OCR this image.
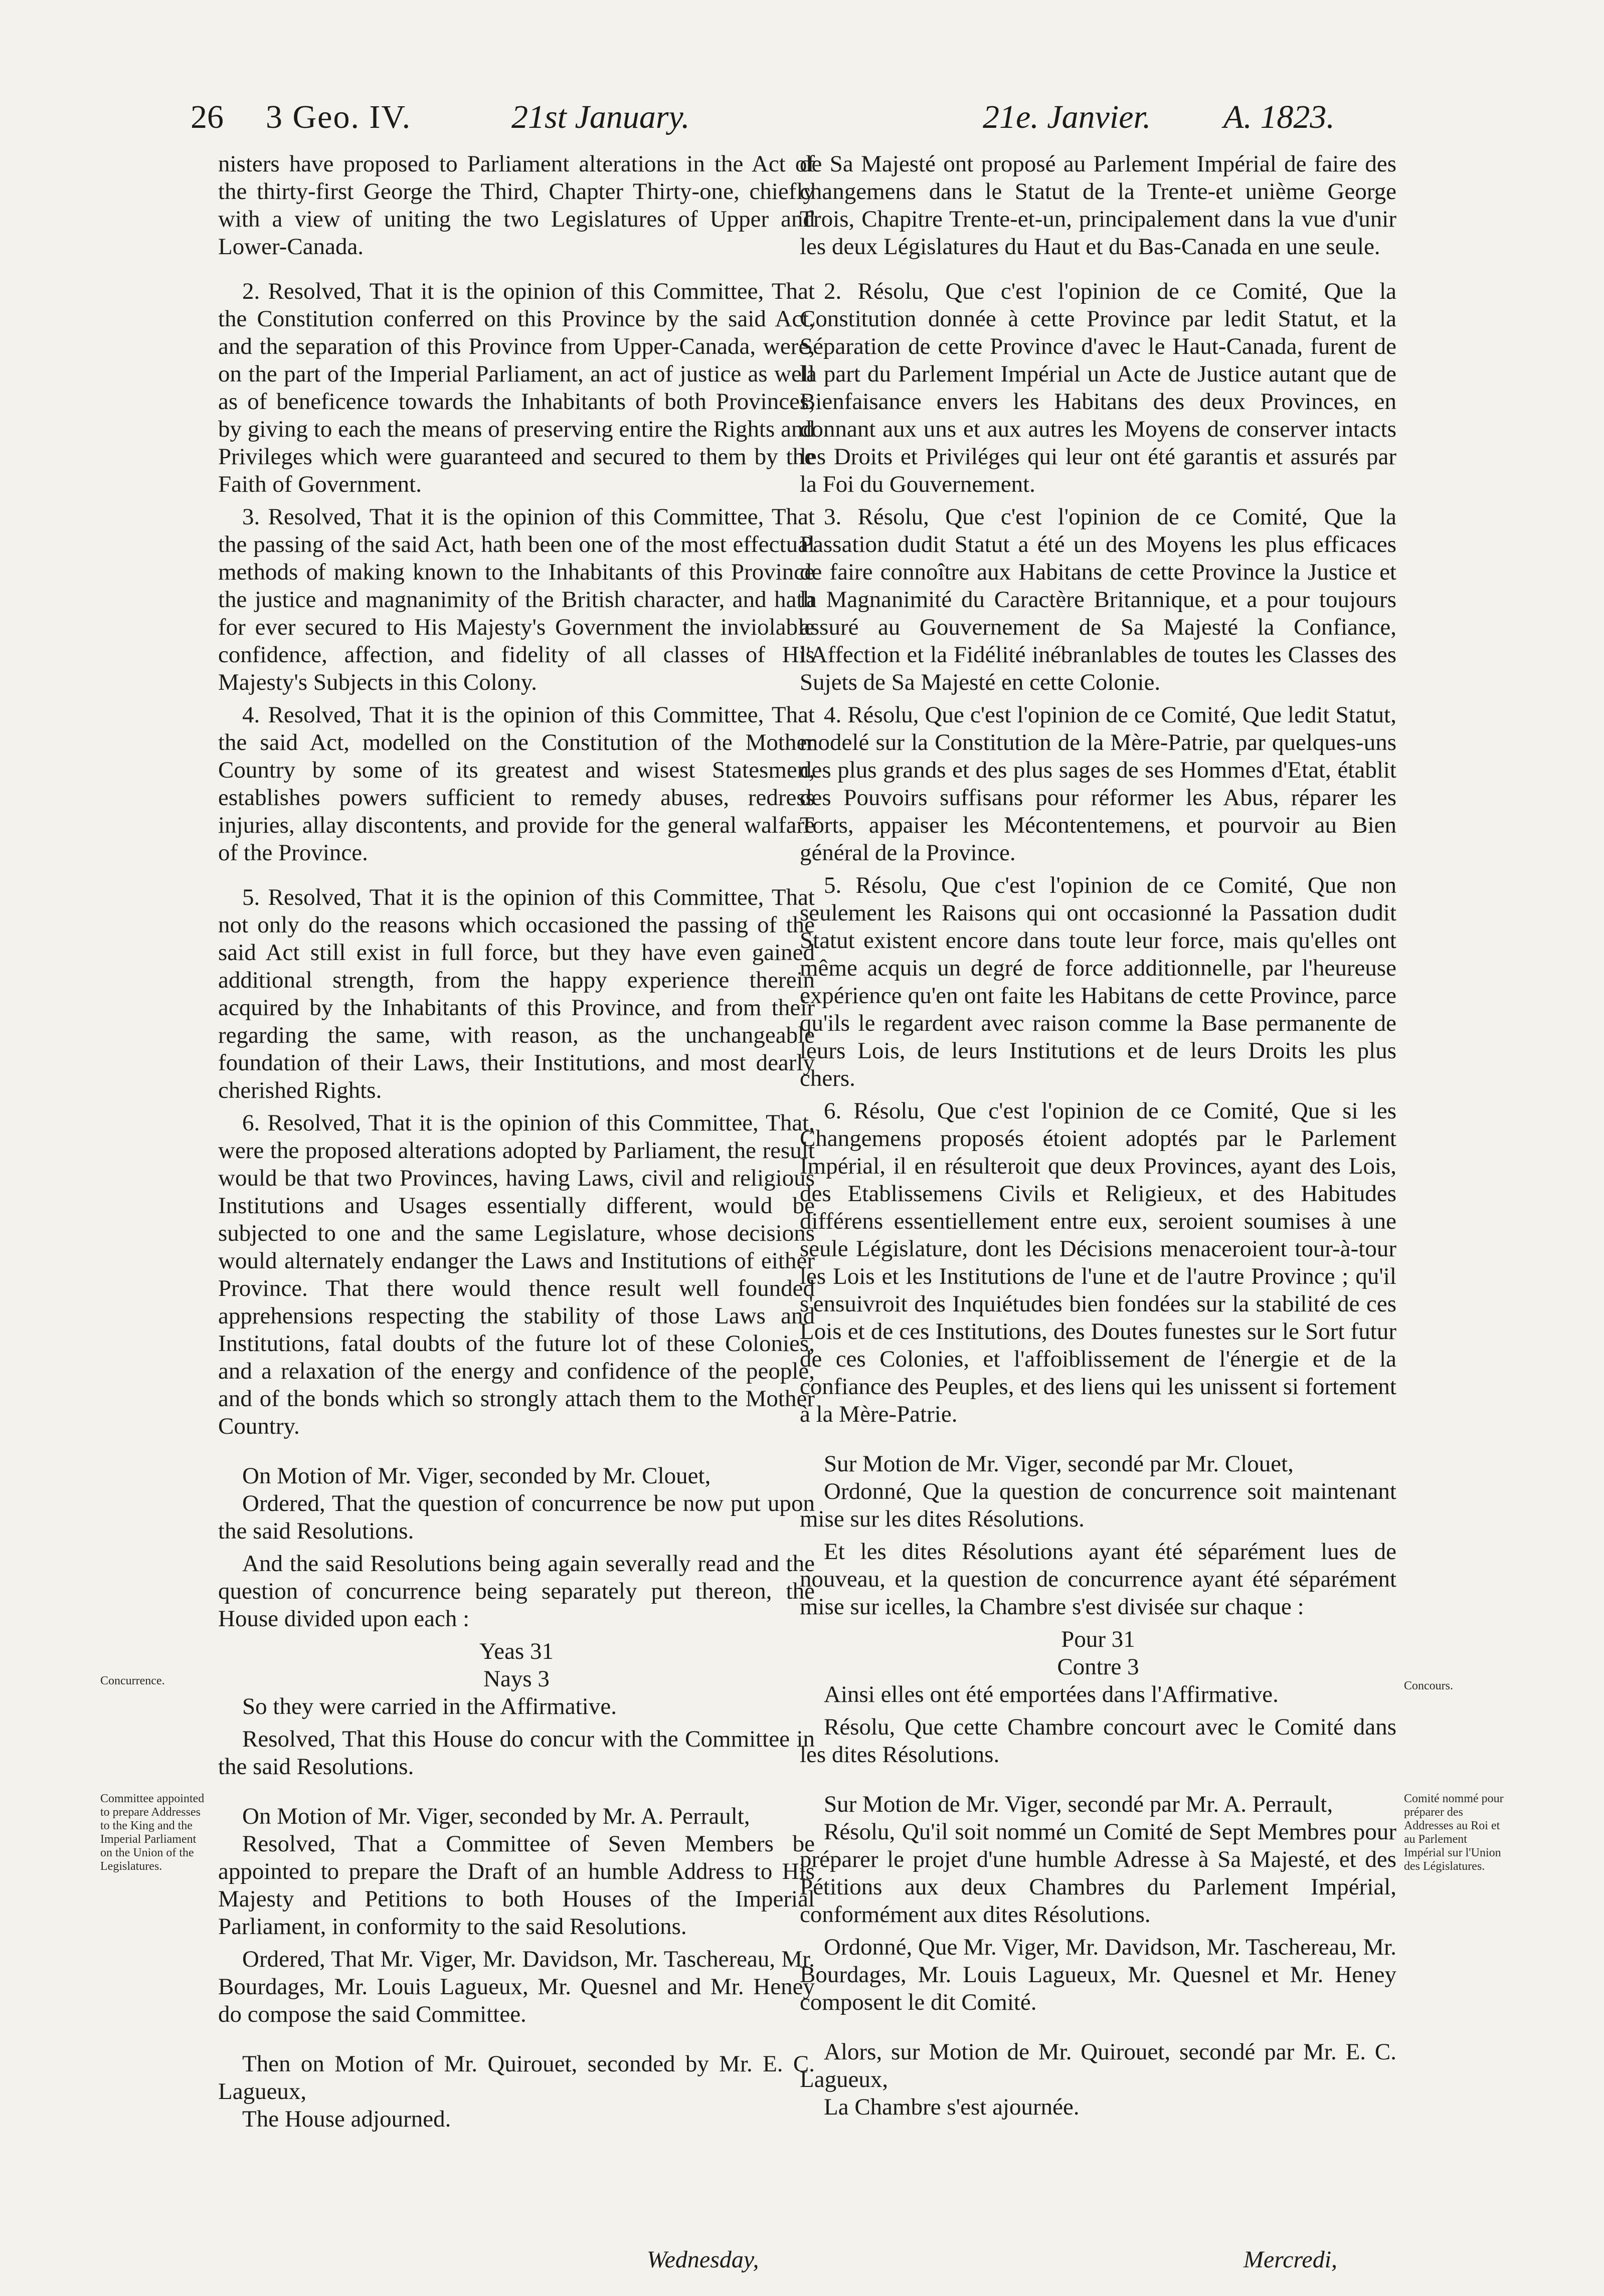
26 3 Geo. IV.	21st January.	21e. Janvier. A. 1823.

nisters have proposed to Parliament alterations in the Act of the thirty-first George the Third, Chapter Thirty-one, chiefly with a view of uniting the two Legislatures of Upper and Lower-Canada.

2. Resolved, That it is the opinion of this Committee, That the Constitution conferred on this Province by the said Act, and the separation of this Province from Upper-Canada, were, on the part of the Imperial Parliament, an act of justice as well as of beneficence towards the Inhabitants of both Provinces, by giving to each the means of preserving entire the Rights and Privileges which were guaranteed and secured to them by the Faith of Government.

3. Resolved, That it is the opinion of this Committee, That the passing of the said Act, hath been one of the most effectual methods of making known to the Inhabitants of this Province the justice and magnanimity of the British character, and hath for ever secured to His Majesty's Government the inviolable confidence, affection, and fidelity of all classes of His Majesty's Subjects in this Colony.

4. Resolved, That it is the opinion of this Committee, That the said Act, modelled on the Constitution of the Mother Country by some of its greatest and wisest Statesmen, establishes powers sufficient to remedy abuses, redress injuries, allay discontents, and provide for the general walfare of the Province.

5. Resolved, That it is the opinion of this Committee, That not only do the reasons which occasioned the passing of the said Act still exist in full force, but they have even gained additional strength, from the happy experience therein acquired by the Inhabitants of this Province, and from their regarding the same, with reason, as the unchangeable foundation of their Laws, their Institutions, and most dearly cherished Rights.

6. Resolved, That it is the opinion of this Committee, That, were the proposed alterations adopted by Parliament, the result would be that two Provinces, having Laws, civil and religious Institutions and Usages essentially different, would be subjected to one and the same Legislature, whose decisions would alternately endanger the Laws and Institutions of either Province. That there would thence result well founded apprehensions respecting the stability of those Laws and Institutions, fatal doubts of the future lot of these Colonies, and a relaxation of the energy and confidence of the people, and of the bonds which so strongly attach them to the Mother Country.

On Motion of Mr. Viger, seconded by Mr. Clouet,

Ordered, That the question of concurrence be now put upon the said Resolutions.

And the said Resolutions being again severally read and the question of concurrence being separately put thereon, the House divided upon each :

Yeas 31

Nays 3

So they were carried in the Affirmative.

Resolved, That this House do concur with the Committee in the said Resolutions.

On Motion of Mr. Viger, seconded by Mr. A. Perrault,

Resolved, That a Committee of Seven Members be appointed to prepare the Draft of an humble Address to His Majesty and Petitions to both Houses of the Imperial Parliament, in conformity to the said Resolutions.

Ordered, That Mr. Viger, Mr. Davidson, Mr. Taschereau, Mr. Bourdages, Mr. Louis Lagueux, Mr. Quesnel and Mr. Heney do compose the said Committee.

Then on Motion of Mr. Quirouet, seconded by Mr. E. C. Lagueux,

The House adjourned.

de Sa Majesté ont proposé au Parlement Impérial de faire des changemens dans le Statut de la Trente-et unième George Trois, Chapitre Trente-et-un, principalement dans la vue d'unir les deux Législatures du Haut et du Bas-Canada en une seule.

2. Résolu, Que c'est l'opinion de ce Comité, Que la Constitution donnée à cette Province par ledit Statut, et la Séparation de cette Province d'avec le Haut-Canada, furent de la part du Parlement Impérial un Acte de Justice autant que de Bienfaisance envers les Habitans des deux Provinces, en donnant aux uns et aux autres les Moyens de conserver intacts les Droits et Priviléges qui leur ont été garantis et assurés par la Foi du Gouvernement.

3. Résolu, Que c'est l'opinion de ce Comité, Que la Passation dudit Statut a été un des Moyens les plus efficaces de faire connoître aux Habitans de cette Province la Justice et la Magnanimité du Caractère Britannique, et a pour toujours assuré au Gouvernement de Sa Majesté la Confiance, l'Affection et la Fidélité inébranlables de toutes les Classes des Sujets de Sa Majesté en cette Colonie.

4. Résolu, Que c'est l'opinion de ce Comité, Que ledit Statut, modelé sur la Constitution de la Mère-Patrie, par quelques-uns des plus grands et des plus sages de ses Hommes d'Etat, établit des Pouvoirs suffisans pour réformer les Abus, réparer les Torts, appaiser les Mécontentemens, et pourvoir au Bien général de la Province.

5. Résolu, Que c'est l'opinion de ce Comité, Que non seulement les Raisons qui ont occasionné la Passation dudit Statut existent encore dans toute leur force, mais qu'elles ont même acquis un degré de force additionnelle, par l'heureuse expérience qu'en ont faite les Habitans de cette Province, parce qu'ils le regardent avec raison comme la Base permanente de leurs Lois, de leurs Institutions et de leurs Droits les plus chers.

6. Résolu, Que c'est l'opinion de ce Comité, Que si les Changemens proposés étoient adoptés par le Parlement Impérial, il en résulteroit que deux Provinces, ayant des Lois, des Etablissemens Civils et Religieux, et des Habitudes différens essentiellement entre eux, seroient soumises à une seule Législature, dont les Décisions menaceroient tour-à-tour les Lois et les Institutions de l'une et de l'autre Province ; qu'il s'ensuivroit des Inquiétudes bien fondées sur la stabilité de ces Lois et de ces Institutions, des Doutes funestes sur le Sort futur de ces Colonies, et l'affoiblissement de l'énergie et de la confiance des Peuples, et des liens qui les unissent si fortement à la Mère-Patrie.

Sur Motion de Mr. Viger, secondé par Mr. Clouet,

Ordonné, Que la question de concurrence soit maintenant mise sur les dites Résolutions.

Et les dites Résolutions ayant été séparément lues de nouveau, et la question de concurrence ayant été séparément mise sur icelles, la Chambre s'est divisée sur chaque :

Pour 31

Contre 3

Ainsi elles ont été emportées dans l'Affirmative.

Résolu, Que cette Chambre concourt avec le Comité dans les dites Résolutions.

Sur Motion de Mr. Viger, secondé par Mr. A. Perrault,

Résolu, Qu'il soit nommé un Comité de Sept Membres pour préparer le projet d'une humble Adresse à Sa Majesté, et des Pétitions aux deux Chambres du Parlement Impérial, conformément aux dites Résolutions.

Ordonné, Que Mr. Viger, Mr. Davidson, Mr. Taschereau, Mr. Bourdages, Mr. Louis Lagueux, Mr. Quesnel et Mr. Heney composent le dit Comité.

Alors, sur Motion de Mr. Quirouet, secondé par Mr. E. C. Lagueux,

La Chambre s'est ajournée.

Concurrence.
Committee appointed to prepare Addresses to the King and the Imperial Parliament on the Union of the Legislatures.
Concours.
Comité nommé pour préparer des Addresses au Roi et au Parlement Impérial sur l'Union des Législatures.
Wednesday,	Mercredi,
